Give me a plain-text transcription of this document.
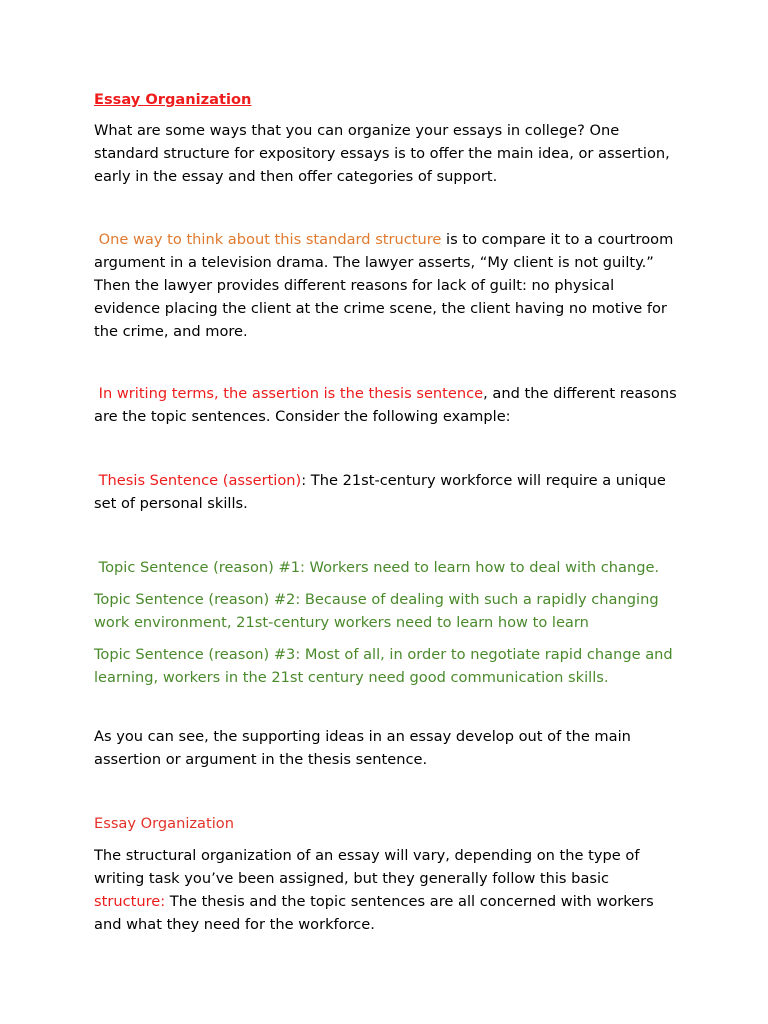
Essay Organization
What are some ways that you can organize your essays in college? One
standard structure for expository essays is to offer the main idea, or assertion,
early in the essay and then offer categories of support.
One way to think about this standard structure is to compare it to a courtroom
argument in a television drama. The lawyer asserts, “My client is not guilty.”
Then the lawyer provides different reasons for lack of guilt: no physical
evidence placing the client at the crime scene, the client having no motive for
the crime, and more.
In writing terms, the assertion is the thesis sentence, and the different reasons
are the topic sentences. Consider the following example:
Thesis Sentence (assertion): The 21st-century workforce will require a unique
set of personal skills.
Topic Sentence (reason) #1: Workers need to learn how to deal with change.
Topic Sentence (reason) #2: Because of dealing with such a rapidly changing
work environment, 21st-century workers need to learn how to learn
Topic Sentence (reason) #3: Most of all, in order to negotiate rapid change and
learning, workers in the 21st century need good communication skills.
As you can see, the supporting ideas in an essay develop out of the main
assertion or argument in the thesis sentence.
Essay Organization
The structural organization of an essay will vary, depending on the type of
writing task you’ve been assigned, but they generally follow this basic
structure: The thesis and the topic sentences are all concerned with workers
and what they need for the workforce.
